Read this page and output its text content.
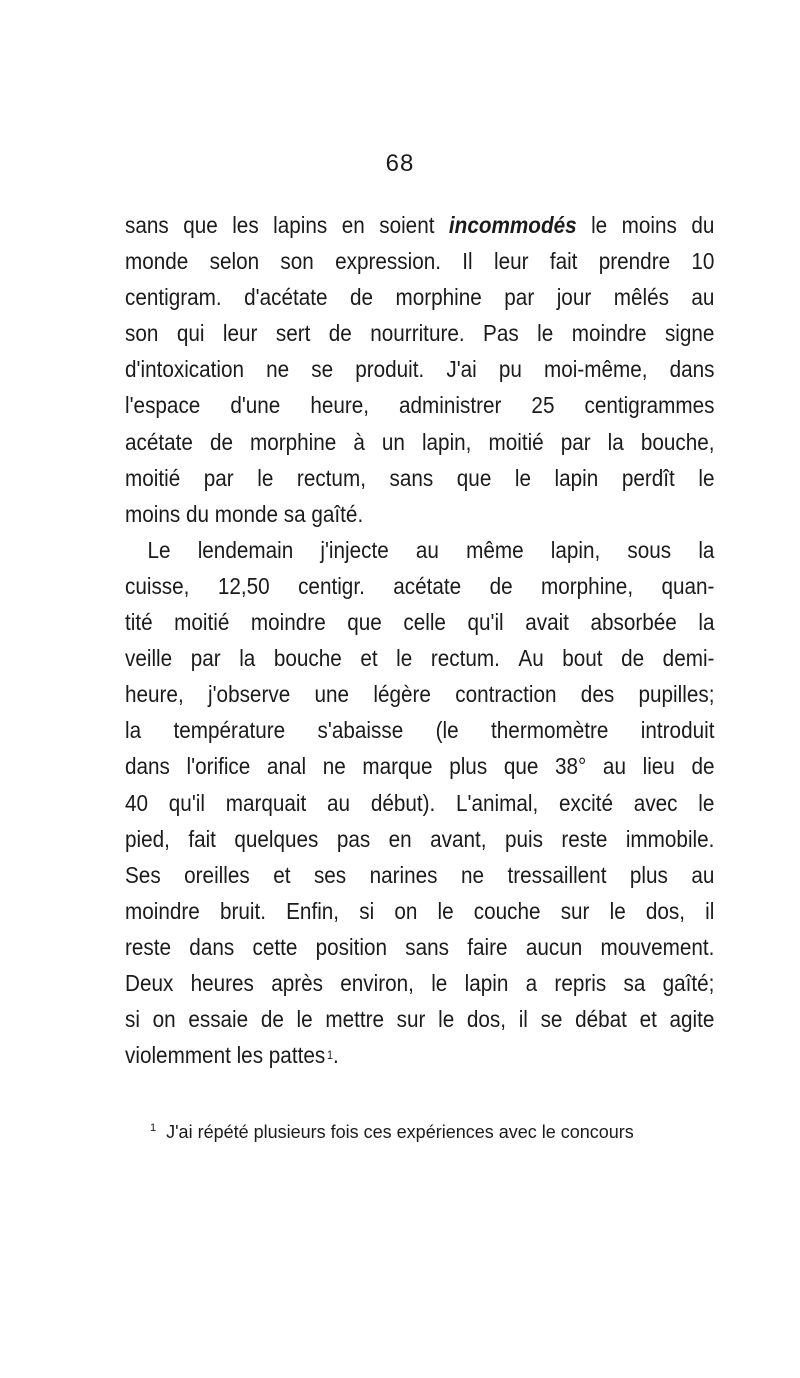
68
sans que les lapins en soient incommodés le moins du
monde selon son expression. Il leur fait prendre 10
centigram. d'acétate de morphine par jour mêlés au
son qui leur sert de nourriture. Pas le moindre signe
d'intoxication ne se produit. J'ai pu moi-même, dans
l'espace d'une heure, administrer 25 centigrammes
acétate de morphine à un lapin, moitié par la bouche,
moitié par le rectum, sans que le lapin perdît le
moins du monde sa gaîté.
Le lendemain j'injecte au même lapin, sous la
cuisse, 12,50 centigr. acétate de morphine, quan-
tité moitié moindre que celle qu'il avait absorbée la
veille par la bouche et le rectum. Au bout de demi-
heure, j'observe une légère contraction des pupilles;
la température s'abaisse (le thermomètre introduit
dans l'orifice anal ne marque plus que 38° au lieu de
40 qu'il marquait au début). L'animal, excité avec le
pied, fait quelques pas en avant, puis reste immobile.
Ses oreilles et ses narines ne tressaillent plus au
moindre bruit. Enfin, si on le couche sur le dos, il
reste dans cette position sans faire aucun mouvement.
Deux heures après environ, le lapin a repris sa gaîté;
si on essaie de le mettre sur le dos, il se débat et agite
violemment les pattes 1 .
$^1$ J'ai répété plusieurs fois ces expériences avec le concours
